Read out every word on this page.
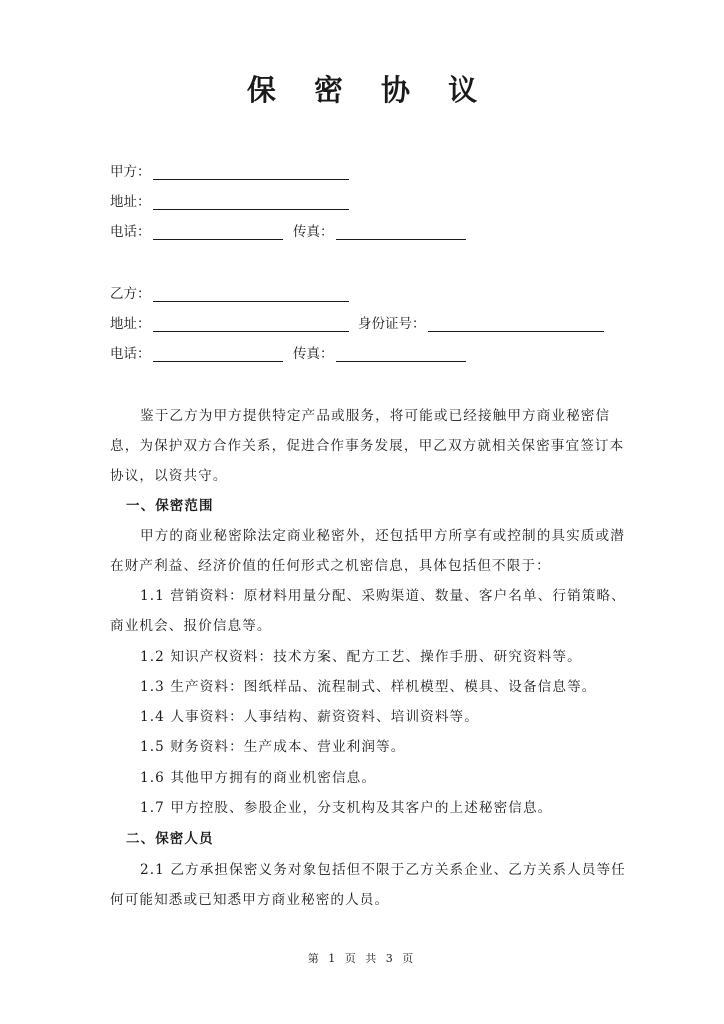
保 密 协 议
甲方：
地址：
电话：	传真：
乙方：
地址：	身份证号：
电话：	传真：
鉴于乙方为甲方提供特定产品或服务，将可能或已经接触甲方商业秘密信
息，为保护双方合作关系，促进合作事务发展，甲乙双方就相关保密事宜签订本
协议，以资共守。
一、保密范围
甲方的商业秘密除法定商业秘密外，还包括甲方所享有或控制的具实质或潜
在财产利益、经济价值的任何形式之机密信息，具体包括但不限于：
1.1 营销资料：原材料用量分配、采购渠道、数量、客户名单、行销策略、
商业机会、报价信息等。
1.2 知识产权资料：技术方案、配方工艺、操作手册、研究资料等。
1.3 生产资料：图纸样品、流程制式、样机模型、模具、设备信息等。
1.4 人事资料：人事结构、薪资资料、培训资料等。
1.5 财务资料：生产成本、营业利润等。
1.6 其他甲方拥有的商业机密信息。
1.7 甲方控股、参股企业，分支机构及其客户的上述秘密信息。
二、保密人员
2.1 乙方承担保密义务对象包括但不限于乙方关系企业、乙方关系人员等任
何可能知悉或已知悉甲方商业秘密的人员。
第 1 页 共 3 页
